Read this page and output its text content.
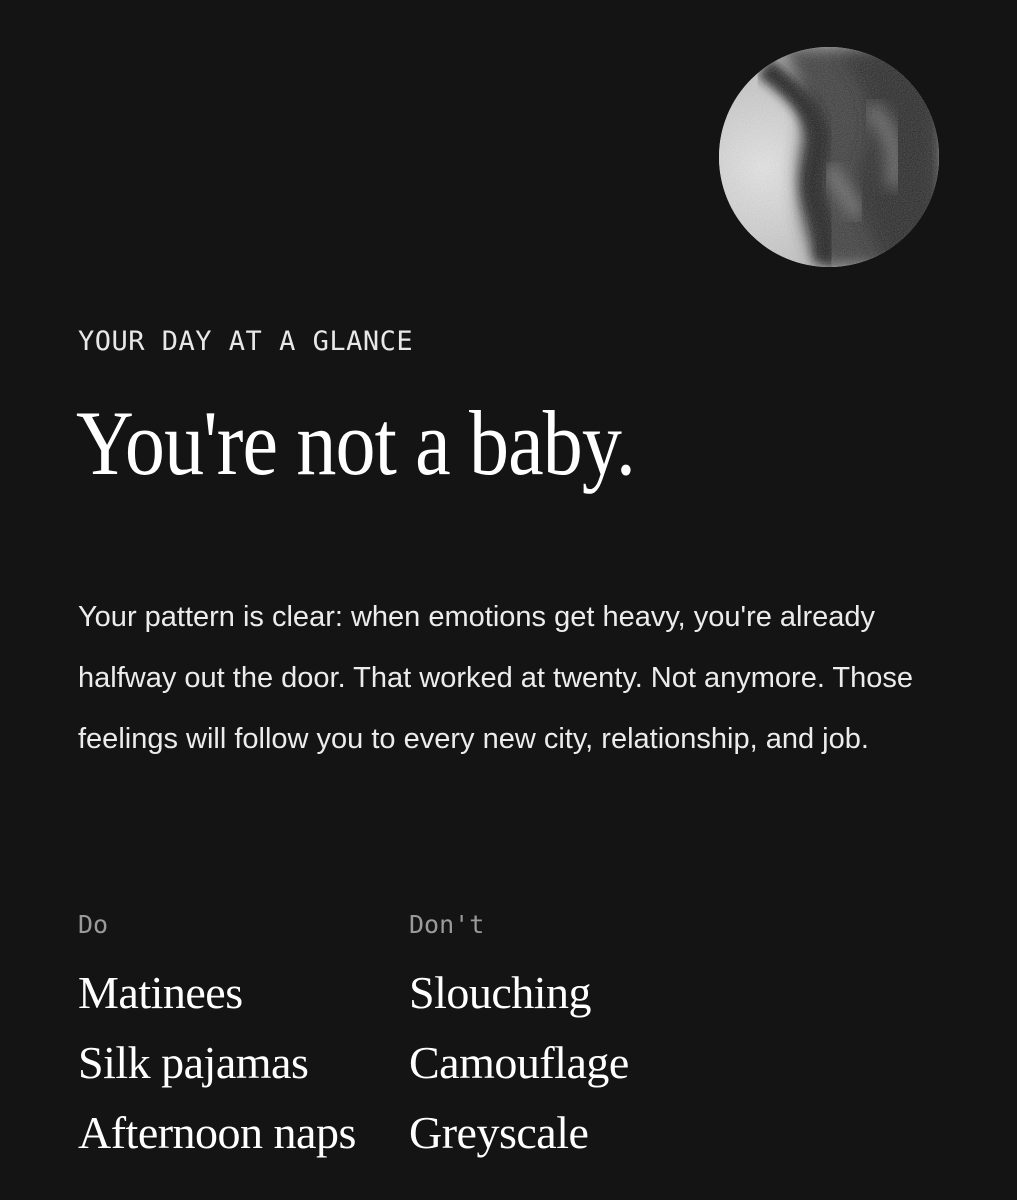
YOUR DAY AT A GLANCE
You're not a baby.

Your pattern is clear: when emotions get heavy, you're already halfway out the door. That worked at twenty. Not anymore. Those feelings will follow you to every new city, relationship, and job.

Do
Matinees
Silk pajamas
Afternoon naps
Don't
Slouching
Camouflage
Greyscale
